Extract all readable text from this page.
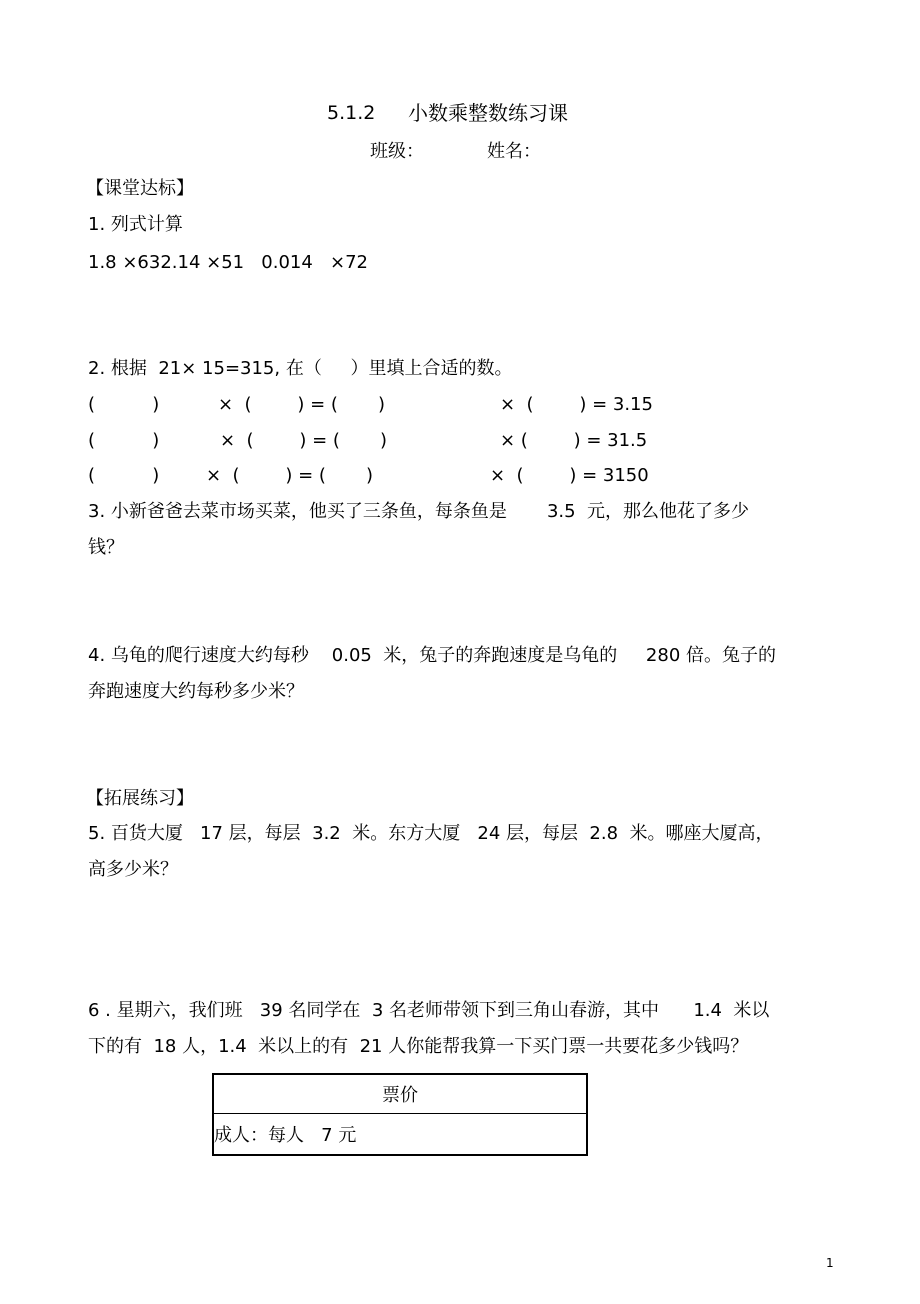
5.1.2 小数乘整数练习课
班级：	姓名：
【课堂达标】
1. 列式计算
1.8 ×632.14 ×51   0.014   ×72
2. 根据  21× 15=315, 在（     ）里填上合适的数。
(          )	×  (        ) = (       )	×  (        ) = 3.15
(          )	×  (        ) = (       )	× (        ) = 31.5
(          )	×  (        ) = (       )	×  (        ) = 3150
3. 小新爸爸去菜市场买菜，他买了三条鱼，每条鱼是       3.5  元，那么他花了多少
钱？
4. 乌龟的爬行速度大约每秒    0.05  米，兔子的奔跑速度是乌龟的     280 倍。兔子的
奔跑速度大约每秒多少米？
【拓展练习】
5. 百货大厦   17 层，每层  3.2  米。东方大厦   24 层，每层  2.8  米。哪座大厦高，
高多少米？
6 . 星期六，我们班   39 名同学在  3 名老师带领下到三角山春游，其中      1.4  米以
下的有  18 人，1.4  米以上的有  21 人你能帮我算一下买门票一共要花多少钱吗？
票价
成人：每人   7 元
1
